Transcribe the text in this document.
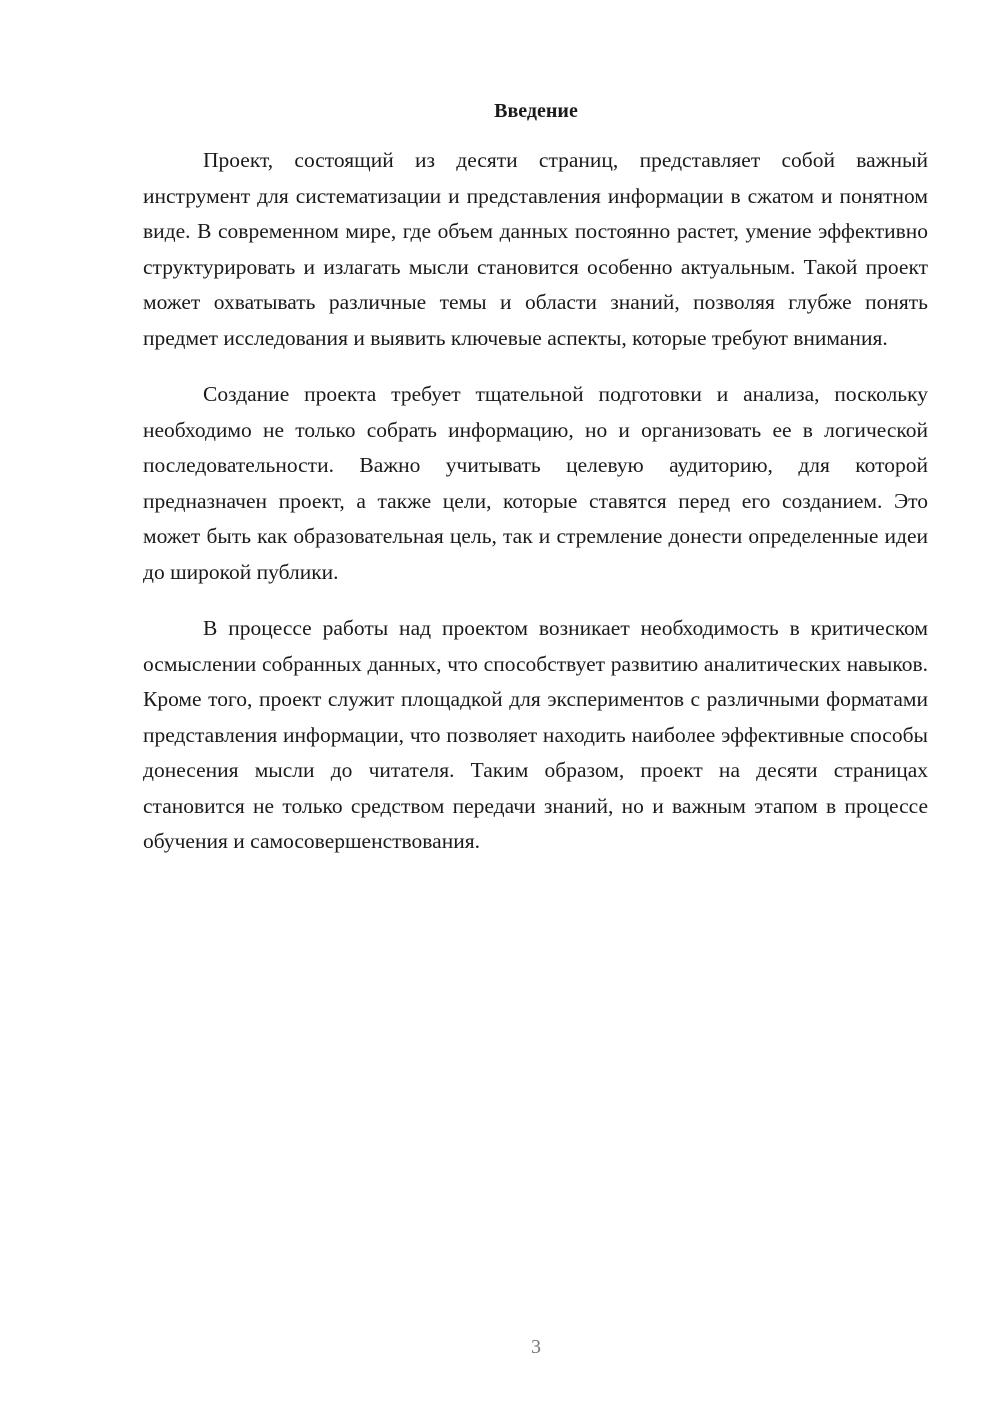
Введение

Проект, состоящий из десяти страниц, представляет собой важный инструмент для систематизации и представления информации в сжатом и понятном виде. В современном мире, где объем данных постоянно растет, умение эффективно структурировать и излагать мысли становится особенно актуальным. Такой проект может охватывать различные темы и области знаний, позволяя глубже понять предмет исследования и выявить ключевые аспекты, которые требуют внимания.

Создание проекта требует тщательной подготовки и анализа, поскольку необходимо не только собрать информацию, но и организовать ее в логической последовательности. Важно учитывать целевую аудиторию, для которой предназначен проект, а также цели, которые ставятся перед его созданием. Это может быть как образовательная цель, так и стремление донести определенные идеи до широкой публики.

В процессе работы над проектом возникает необходимость в критическом осмыслении собранных данных, что способствует развитию аналитических навыков. Кроме того, проект служит площадкой для экспериментов с различными форматами представления информации, что позволяет находить наиболее эффективные способы донесения мысли до читателя. Таким образом, проект на десяти страницах становится не только средством передачи знаний, но и важным этапом в процессе обучения и самосовершенствования.

3
